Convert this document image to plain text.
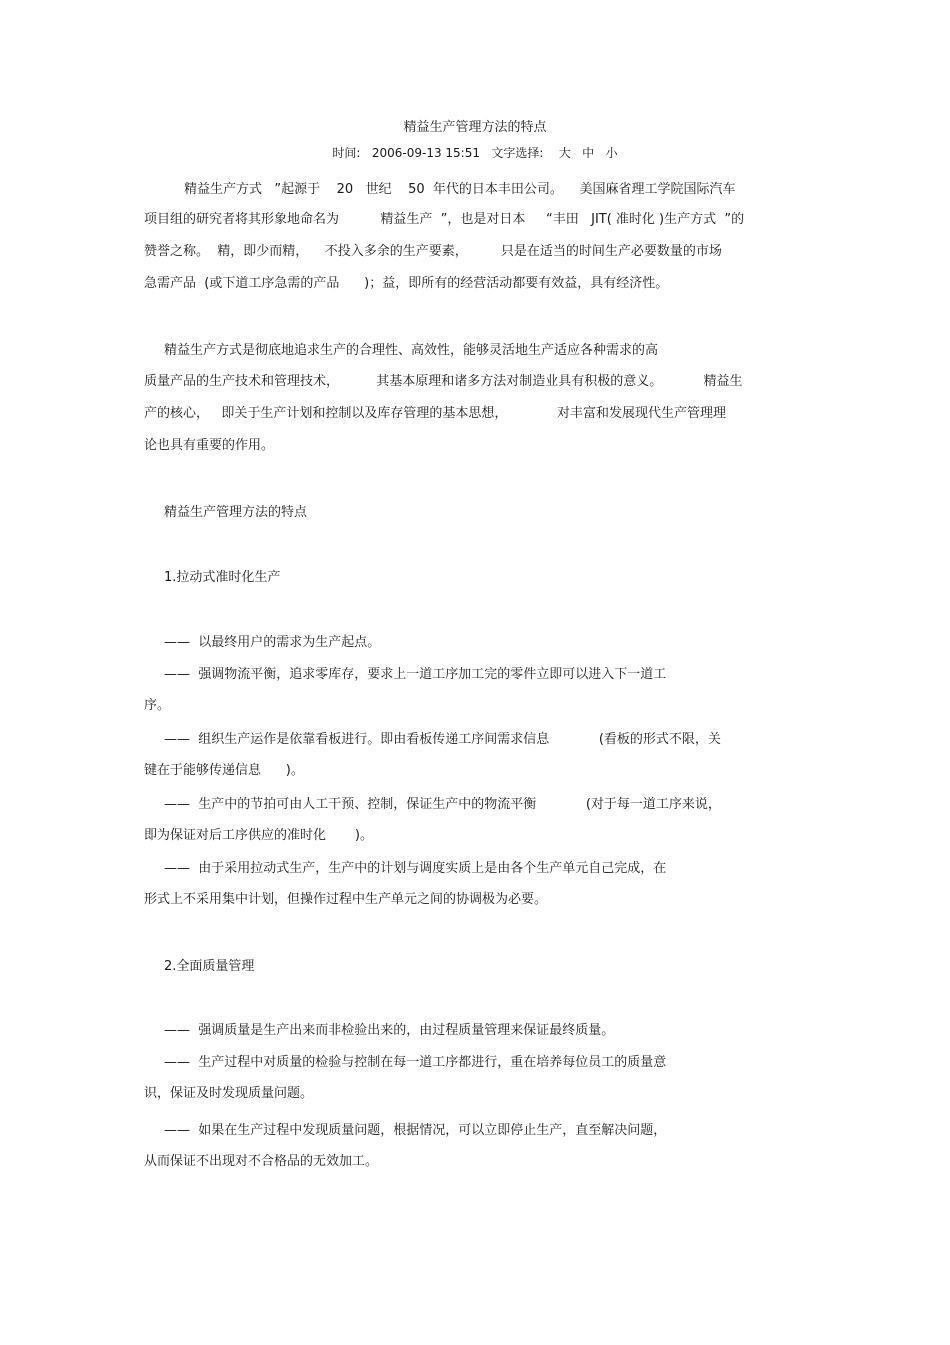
精益生产管理方法的特点
时间:   2006-09-13 15:51   文字选择:    大   中   小
精益生产方式   ”起源于    20   世纪    50  年代的日本丰田公司。    美国麻省理工学院国际汽车
项目组的研究者将其形象地命名为          精益生产  ”，也是对日本     “丰田   JIT( 准时化 )生产方式  ”的
赞誉之称。  精，即少而精，    不投入多余的生产要素，        只是在适当的时间生产必要数量的市场
急需产品  (或下道工序急需的产品      )；益，即所有的经营活动都要有效益，具有经济性。
精益生产方式是彻底地追求生产的合理性、高效性，能够灵活地生产适应各种需求的高
质量产品的生产技术和管理技术，         其基本原理和诸多方法对制造业具有积极的意义。          精益生
产的核心，   即关于生产计划和控制以及库存管理的基本思想，            对丰富和发展现代生产管理理
论也具有重要的作用。
精益生产管理方法的特点
1.拉动式准时化生产
——  以最终用户的需求为生产起点。
——  强调物流平衡，追求零库存，要求上一道工序加工完的零件立即可以进入下一道工
序。
——  组织生产运作是依靠看板进行。即由看板传递工序间需求信息            (看板的形式不限，关
键在于能够传递信息      )。
——  生产中的节拍可由人工干预、控制，保证生产中的物流平衡            (对于每一道工序来说，
即为保证对后工序供应的准时化       )。
——  由于采用拉动式生产，生产中的计划与调度实质上是由各个生产单元自己完成，在
形式上不采用集中计划，但操作过程中生产单元之间的协调极为必要。
2.全面质量管理
——  强调质量是生产出来而非检验出来的，由过程质量管理来保证最终质量。
——  生产过程中对质量的检验与控制在每一道工序都进行，重在培养每位员工的质量意
识，保证及时发现质量问题。
——  如果在生产过程中发现质量问题，根据情况，可以立即停止生产，直至解决问题，
从而保证不出现对不合格品的无效加工。
